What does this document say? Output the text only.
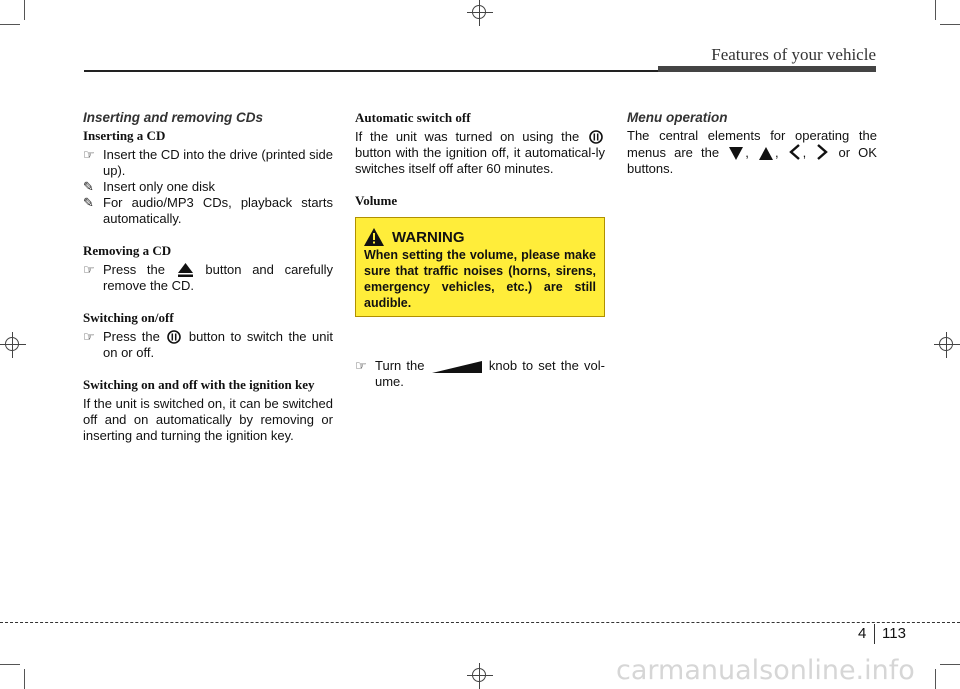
Features of your vehicle
Inserting and removing CDs
Inserting a CD
☞ Insert the CD into the drive (printed side up).
✎ Insert only one disk
✎ For audio/MP3 CDs, playback starts automatically.
Removing a CD
☞ Press the	button and carefully remove the CD.
Switching on/off
☞ Press the button to switch the unit on or off.
Switching on and off with the ignition key
If the unit is switched on, it can be switched off and on automatically by removing or inserting and turning the ignition key.
Automatic switch off
If the unit was turned on using the  button with the ignition off, it automatical-ly switches itself off after 60 minutes.
Volume
☞ Turn the	knob to set the vol-ume.
WARNING
When setting the volume, please make sure that traffic noises (horns, sirens, emergency vehicles, etc.) are still audible.
Menu operation
The central elements for operating the menus are the , , , or OK buttons.
4 113
carmanualsonline.info
